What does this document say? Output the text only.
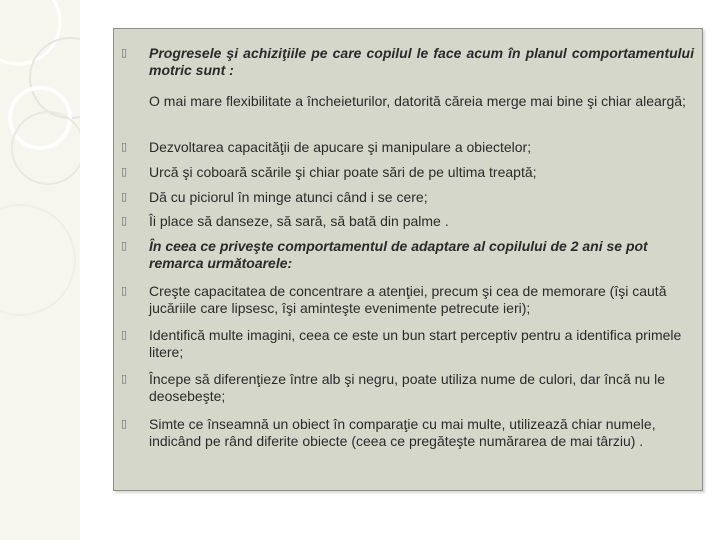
▯ Progresele şi achiziţiile pe care copilul le face acum în planul comportamentului motric sunt :
O mai mare flexibilitate a încheieturilor, datorită căreia merge mai bine şi chiar aleargă;
▯ Dezvoltarea capacităţii de apucare şi manipulare a obiectelor;
▯ Urcă şi coboară scările şi chiar poate sări de pe ultima treaptă;
▯ Dă cu piciorul în minge atunci când i se cere;
▯ Îi place să danseze, să sară, să bată din palme .
▯ În ceea ce priveşte comportamentul de adaptare al copilului de 2 ani se pot remarca următoarele:
▯ Creşte capacitatea de concentrare a atenţiei, precum şi cea de memorare (îşi caută jucăriile care lipsesc, îşi aminteşte evenimente petrecute ieri);
▯ Identifică multe imagini, ceea ce este un bun start perceptiv pentru a identifica primele litere;
▯ Începe să diferenţieze între alb şi negru, poate utiliza nume de culori, dar încă nu le deosebeşte;
▯ Simte ce înseamnă un obiect în comparaţie cu mai multe, utilizează chiar numele, indicând pe rând diferite obiecte (ceea ce pregăteşte numărarea de mai târziu) .
